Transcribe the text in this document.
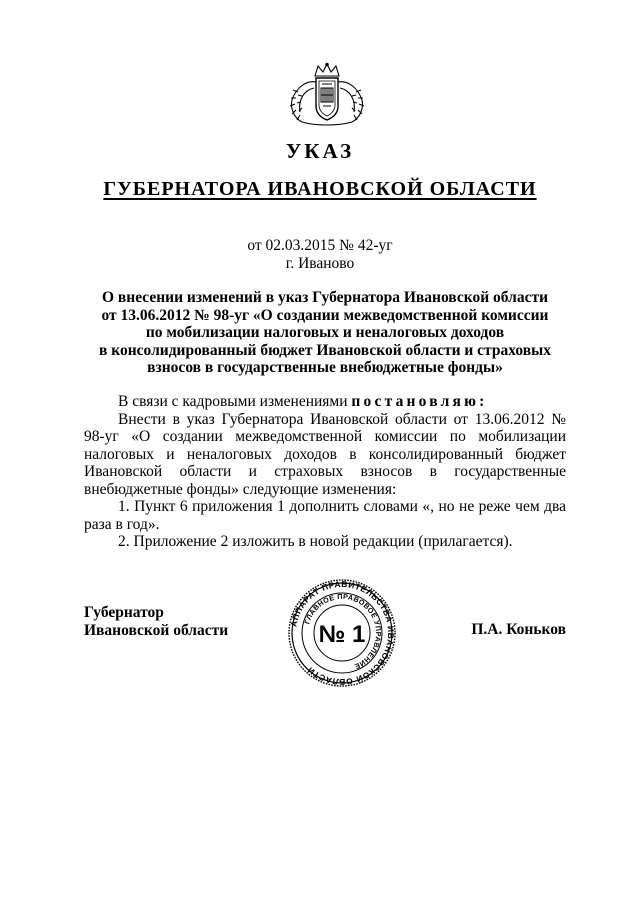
УКАЗ
ГУБЕРНАТОРА ИВАНОВСКОЙ ОБЛАСТИ
от 02.03.2015 № 42-уг
г. Иваново
О внесении изменений в указ Губернатора Ивановской области
от 13.06.2012 № 98-уг «О создании межведомственной комиссии
по мобилизации налоговых и неналоговых доходов
в консолидированный бюджет Ивановской области и страховых
взносов в государственные внебюджетные фонды»
В связи с кадровыми изменениями постановляю:
Внести в указ Губернатора Ивановской области от 13.06.2012 № 98-уг «О создании межведомственной комиссии по мобилизации налоговых и неналоговых доходов в консолидированный бюджет Ивановской области и страховых взносов в государственные внебюджетные фонды» следующие изменения:
1. Пункт 6 приложения 1 дополнить словами «, но не реже чем два раза в год».
2. Приложение 2 изложить в новой редакции (прилагается).
Губернатор
Ивановской области	АППАРАТ ПРАВИТЕЛЬСТВА ИВАНОВСКОЙ ОБЛАСТИ
ГЛАВНОЕ ПРАВОВОЕ УПРАВЛЕНИЕ
№ 1	П.А. Коньков
